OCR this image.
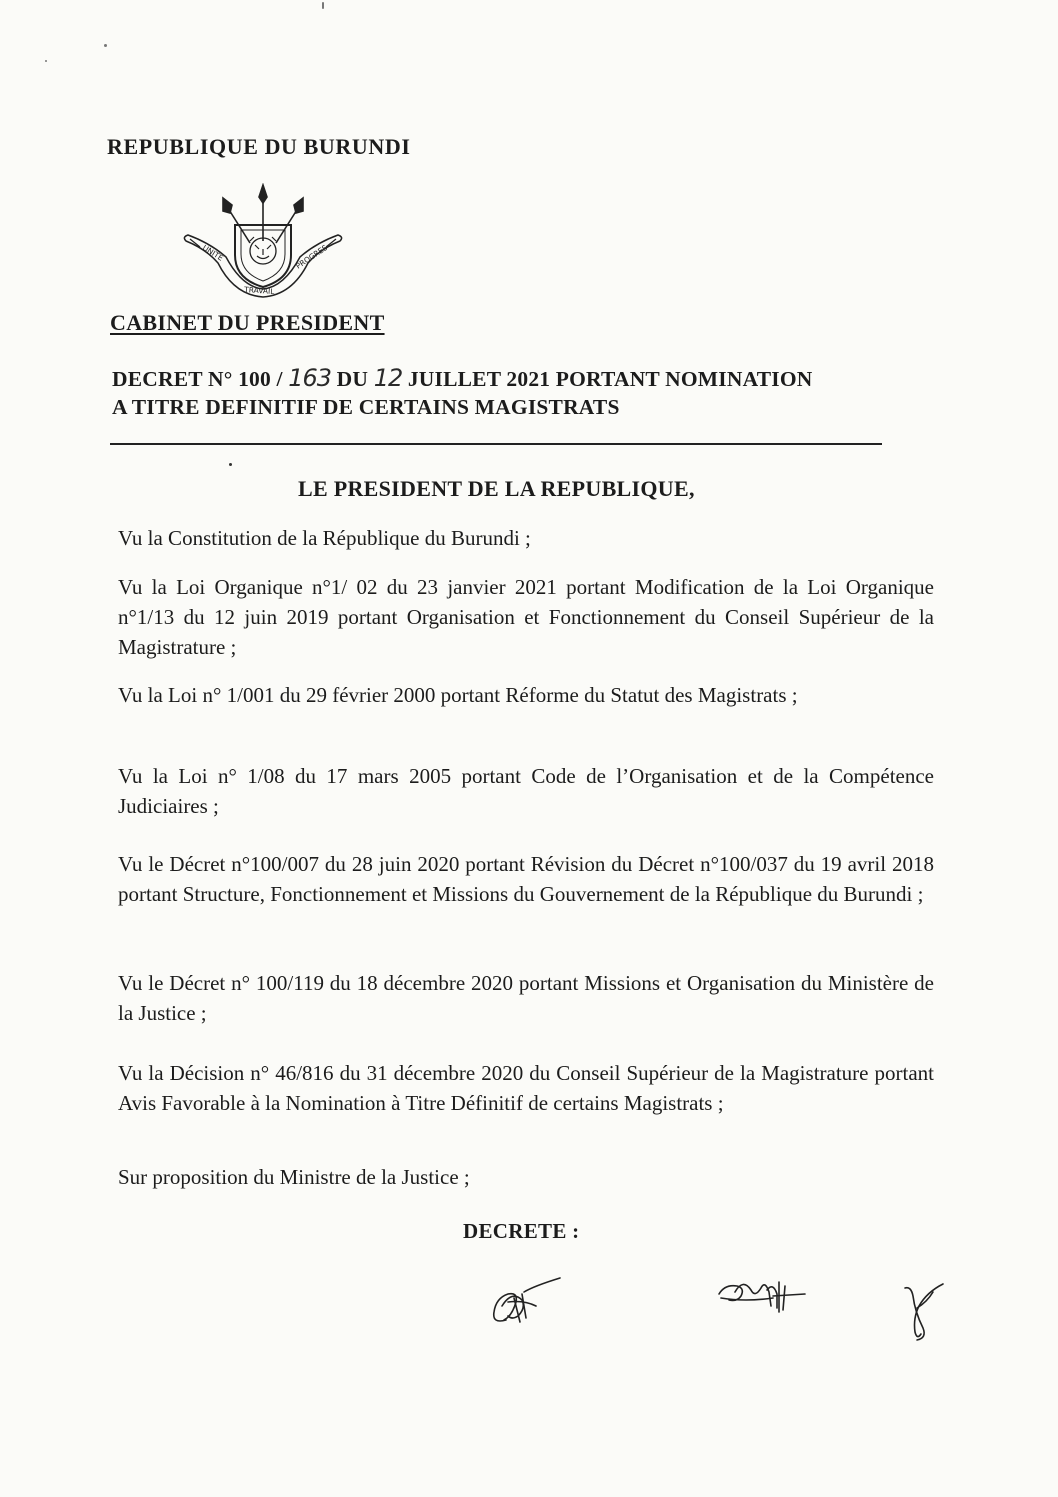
REPUBLIQUE DU BURUNDI
UNITE
TRAVAIL
PROGRES
CABINET DU PRESIDENT
DECRET N° 100 / 163 DU 12 JUILLET 2021 PORTANT NOMINATION
A TITRE DEFINITIF DE CERTAINS MAGISTRATS
LE PRESIDENT DE LA REPUBLIQUE,
Vu la Constitution de la République du Burundi ;
Vu la Loi Organique n°1/ 02 du 23 janvier 2021 portant Modification de la Loi Organique n°1/13 du 12 juin 2019 portant Organisation et Fonctionnement du Conseil Supérieur de la Magistrature ;
Vu la Loi n° 1/001 du 29 février 2000 portant Réforme du Statut des Magistrats ;
Vu la Loi n° 1/08 du 17 mars 2005 portant Code de l’Organisation et de la Compétence Judiciaires ;
Vu le Décret n°100/007 du 28 juin 2020 portant Révision du Décret n°100/037 du 19 avril 2018 portant Structure, Fonctionnement et Missions du Gouvernement de la République du Burundi ;
Vu le Décret n° 100/119 du 18 décembre 2020 portant Missions et Organisation du Ministère de la Justice ;
Vu la Décision n° 46/816 du 31 décembre 2020 du Conseil Supérieur de la Magistrature portant Avis Favorable à la Nomination à Titre Définitif de certains Magistrats ;
Sur proposition du Ministre de la Justice ;
DECRETE :
